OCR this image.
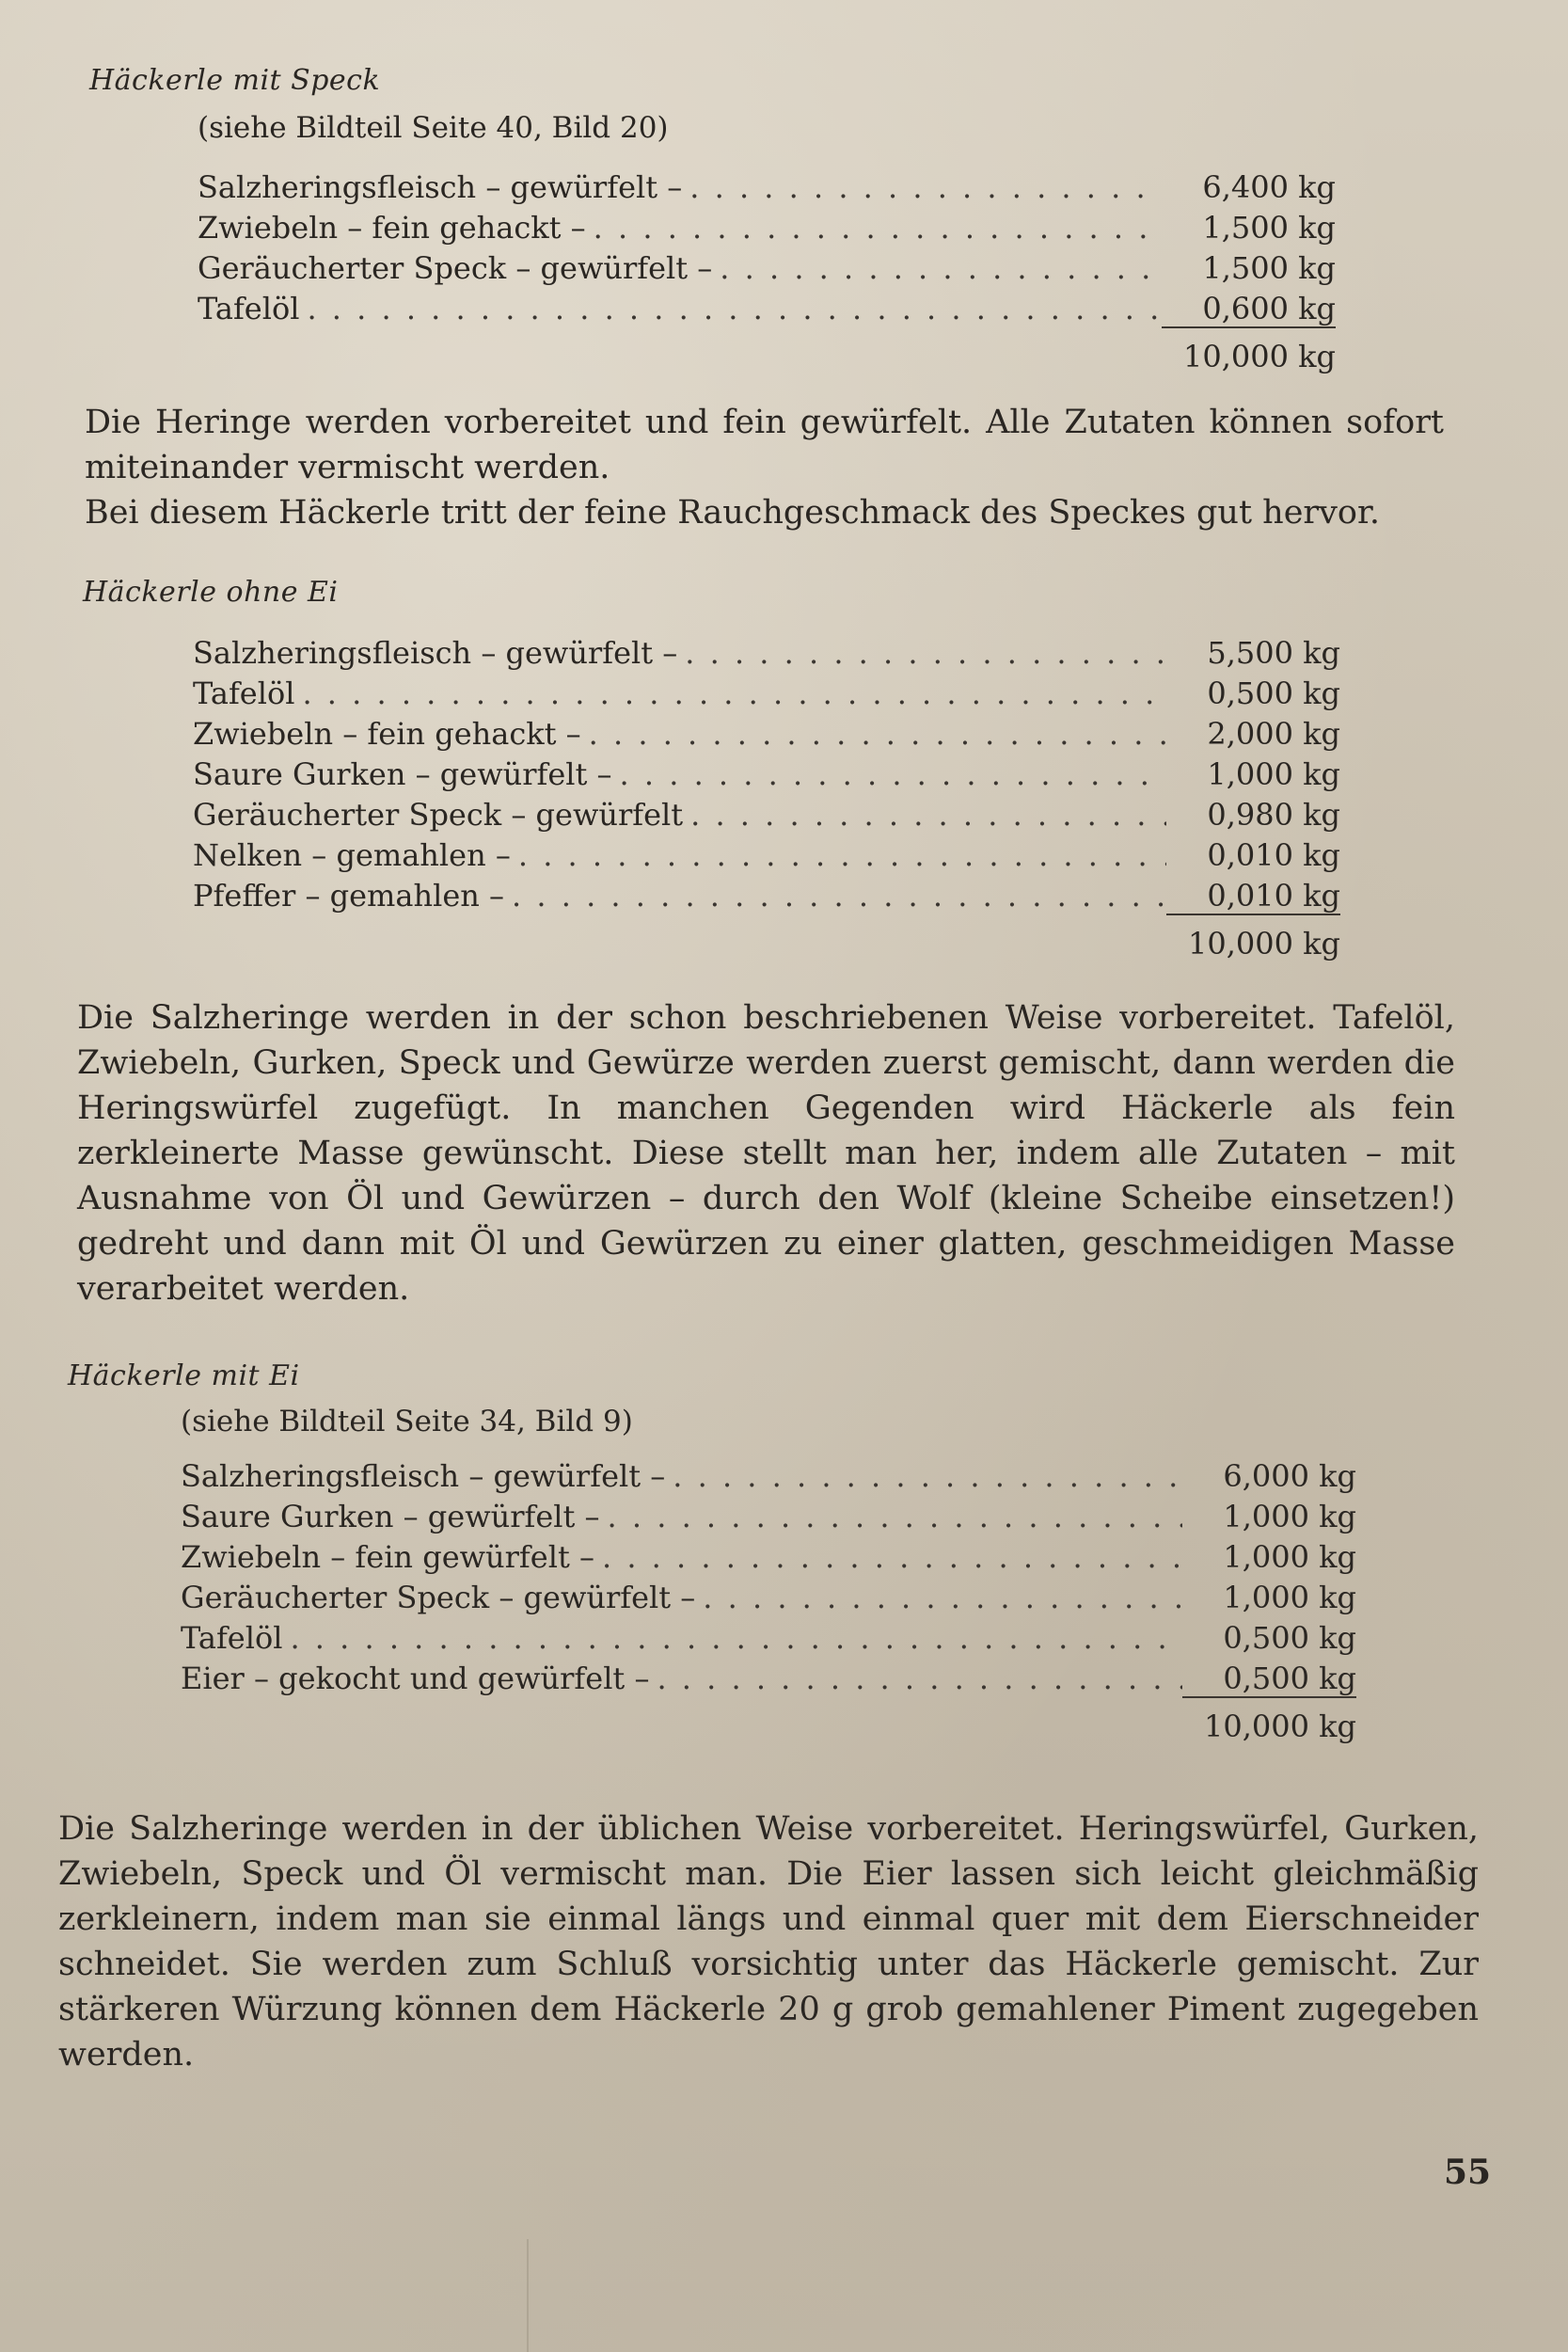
Häckerle mit Speck
(siehe Bildteil Seite 40, Bild 20)
Salzheringsfleisch – gewürfelt – . . .	6,400 kg
Zwiebeln – fein gehackt – . . .	1,500 kg
Geräucherter Speck – gewürfelt – . . .	1,500 kg
Tafelöl . . .	0,600 kg
10,000 kg
Die Heringe werden vorbereitet und fein gewürfelt. Alle Zutaten können sofort miteinander vermischt werden.
Bei diesem Häckerle tritt der feine Rauchgeschmack des Speckes gut hervor.
Häckerle ohne Ei
Salzheringsfleisch – gewürfelt – . . .	5,500 kg
Tafelöl . . .	0,500 kg
Zwiebeln – fein gehackt – . . .	2,000 kg
Saure Gurken – gewürfelt – . . .	1,000 kg
Geräucherter Speck – gewürfelt . . .	0,980 kg
Nelken – gemahlen – . . .	0,010 kg
Pfeffer – gemahlen – . . .	0,010 kg
10,000 kg
Die Salzheringe werden in der schon beschriebenen Weise vorbereitet. Tafelöl, Zwiebeln, Gurken, Speck und Gewürze werden zuerst gemischt, dann werden die Heringswürfel zugefügt. In manchen Gegenden wird Häckerle als fein zerkleinerte Masse gewünscht. Diese stellt man her, indem alle Zutaten – mit Ausnahme von Öl und Gewürzen – durch den Wolf (kleine Scheibe einsetzen!) gedreht und dann mit Öl und Gewürzen zu einer glatten, geschmeidigen Masse verarbeitet werden.
Häckerle mit Ei
(siehe Bildteil Seite 34, Bild 9)
Salzheringsfleisch – gewürfelt – . . .	6,000 kg
Saure Gurken – gewürfelt – . . .	1,000 kg
Zwiebeln – fein gewürfelt – . . .	1,000 kg
Geräucherter Speck – gewürfelt – . . .	1,000 kg
Tafelöl . . .	0,500 kg
Eier – gekocht und gewürfelt – . . .	0,500 kg
10,000 kg
Die Salzheringe werden in der üblichen Weise vorbereitet. Heringswürfel, Gurken, Zwiebeln, Speck und Öl vermischt man. Die Eier lassen sich leicht gleichmäßig zerkleinern, indem man sie einmal längs und einmal quer mit dem Eierschneider schneidet. Sie werden zum Schluß vorsichtig unter das Häckerle gemischt. Zur stärkeren Würzung können dem Häckerle 20 g grob gemahlener Piment zugegeben werden.
55
